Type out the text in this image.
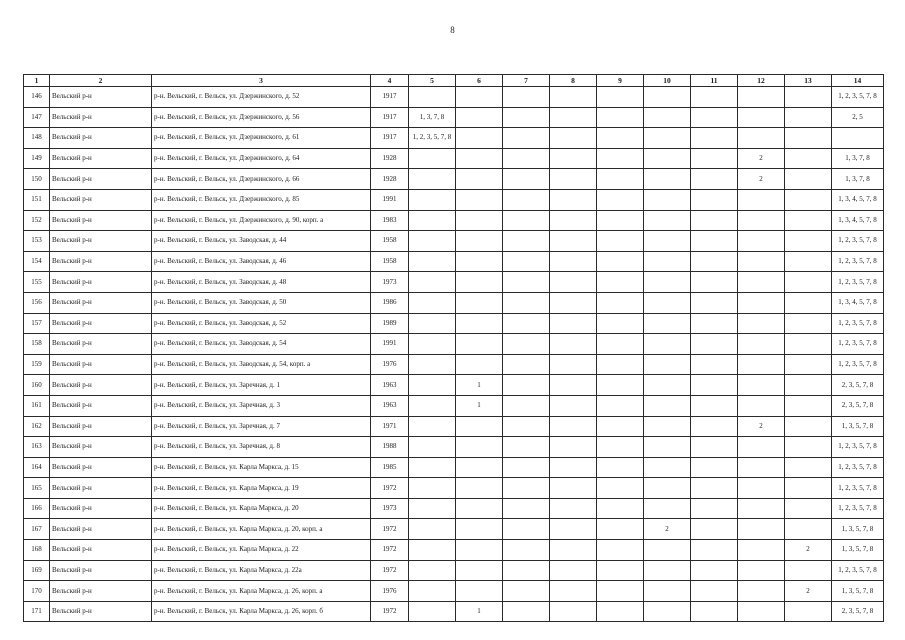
8
1	2	3	4	5	6	7	8	9	10	11	12	13	14
146	Вельский р-н	р-н. Вельский, г. Вельск, ул. Дзержинского, д. 52	1917										1, 2, 3, 5, 7, 8
147	Вельский р-н	р-н. Вельский, г. Вельск, ул. Дзержинского, д. 56	1917	1, 3, 7, 8									2, 5
148	Вельский р-н	р-н. Вельский, г. Вельск, ул. Дзержинского, д. 61	1917	1, 2, 3, 5, 7, 8									
149	Вельский р-н	р-н. Вельский, г. Вельск, ул. Дзержинского, д. 64	1928								2		1, 3, 7, 8
150	Вельский р-н	р-н. Вельский, г. Вельск, ул. Дзержинского, д. 66	1928								2		1, 3, 7, 8
151	Вельский р-н	р-н. Вельский, г. Вельск, ул. Дзержинского, д. 85	1991										1, 3, 4, 5, 7, 8
152	Вельский р-н	р-н. Вельский, г. Вельск, ул. Дзержинского, д. 90, корп. а	1983										1, 3, 4, 5, 7, 8
153	Вельский р-н	р-н. Вельский, г. Вельск, ул. Заводская, д. 44	1958										1, 2, 3, 5, 7, 8
154	Вельский р-н	р-н. Вельский, г. Вельск, ул. Заводская, д. 46	1958										1, 2, 3, 5, 7, 8
155	Вельский р-н	р-н. Вельский, г. Вельск, ул. Заводская, д. 48	1973										1, 2, 3, 5, 7, 8
156	Вельский р-н	р-н. Вельский, г. Вельск, ул. Заводская, д. 50	1986										1, 3, 4, 5, 7, 8
157	Вельский р-н	р-н. Вельский, г. Вельск, ул. Заводская, д. 52	1989										1, 2, 3, 5, 7, 8
158	Вельский р-н	р-н. Вельский, г. Вельск, ул. Заводская, д. 54	1991										1, 2, 3, 5, 7, 8
159	Вельский р-н	р-н. Вельский, г. Вельск, ул. Заводская, д. 54, корп. а	1976										1, 2, 3, 5, 7, 8
160	Вельский р-н	р-н. Вельский, г. Вельск, ул. Заречная, д. 1	1963		1								2, 3, 5, 7, 8
161	Вельский р-н	р-н. Вельский, г. Вельск, ул. Заречная, д. 3	1963		1								2, 3, 5, 7, 8
162	Вельский р-н	р-н. Вельский, г. Вельск, ул. Заречная, д. 7	1971								2		1, 3, 5, 7, 8
163	Вельский р-н	р-н. Вельский, г. Вельск, ул. Заречная, д. 8	1988										1, 2, 3, 5, 7, 8
164	Вельский р-н	р-н. Вельский, г. Вельск, ул. Карла Маркса, д. 15	1985										1, 2, 3, 5, 7, 8
165	Вельский р-н	р-н. Вельский, г. Вельск, ул. Карла Маркса, д. 19	1972										1, 2, 3, 5, 7, 8
166	Вельский р-н	р-н. Вельский, г. Вельск, ул. Карла Маркса, д. 20	1973										1, 2, 3, 5, 7, 8
167	Вельский р-н	р-н. Вельский, г. Вельск, ул. Карла Маркса, д. 20, корп. а	1972						2				1, 3, 5, 7, 8
168	Вельский р-н	р-н. Вельский, г. Вельск, ул. Карла Маркса, д. 22	1972									2	1, 3, 5, 7, 8
169	Вельский р-н	р-н. Вельский, г. Вельск, ул. Карла Маркса, д. 22а	1972										1, 2, 3, 5, 7, 8
170	Вельский р-н	р-н. Вельский, г. Вельск, ул. Карла Маркса, д. 26, корп. а	1976									2	1, 3, 5, 7, 8
171	Вельский р-н	р-н. Вельский, г. Вельск, ул. Карла Маркса, д. 26, корп. б	1972		1								2, 3, 5, 7, 8
